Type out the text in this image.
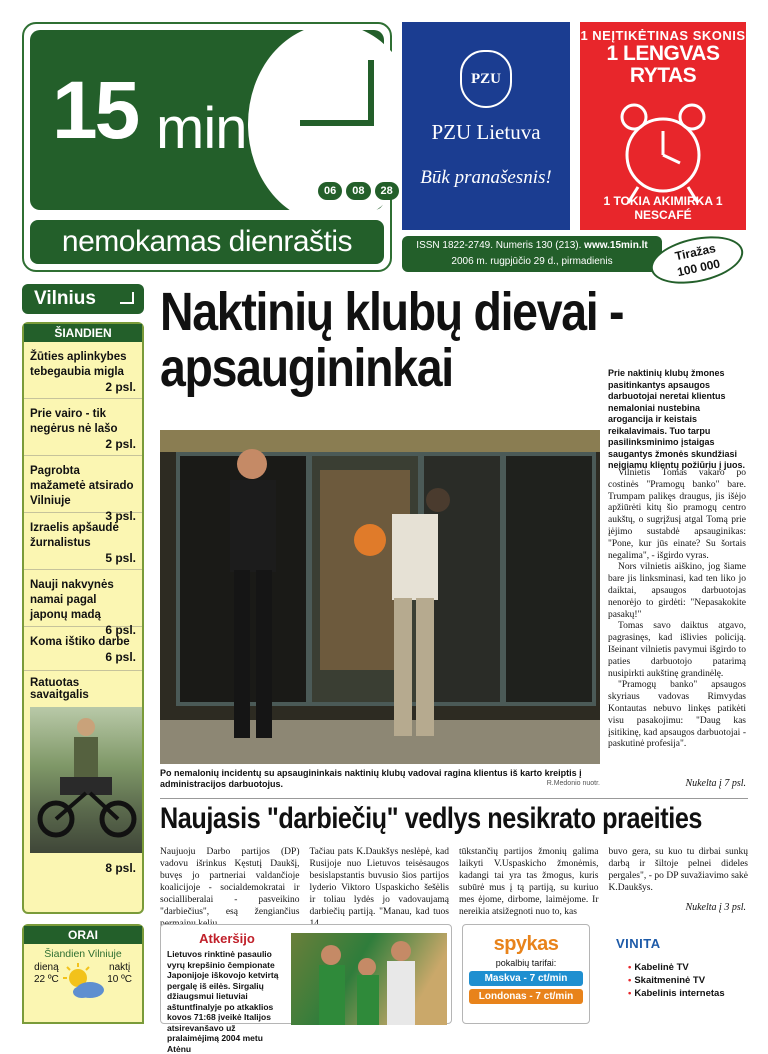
15 min
06	08	28
nemokamas dienraštis
PZU
PZU Lietuva
Būk pranašesnis!
1 NEĮTIKĖTINAS SKONIS
1 LENGVAS RYTAS
1 TOKIA AKIMIRKA 1 NESCAFÉ
ISSN 1822-2749. Numeris 130 (213). www.15min.lt
2006 m. rugpjūčio 29 d., pirmadienis	Tiražas
100 000
Vilnius
ŠIANDIEN
Žūties aplinkybes tebegaubia migla
2 psl.
Prie vairo - tik negėrus nė lašo
2 psl.
Pagrobta mažametė atsirado Vilniuje
3 psl.
Izraelis apšaudė žurnalistus
5 psl.
Nauji nakvynės namai pagal japonų madą
6 psl.
Koma ištiko darbe
6 psl.
Ratuotas savaitgalis
8 psl.
ORAI
Šiandien Vilniuje
dieną
22 ºC
naktį
10 ºC
Naktinių klubų dievai -
apsaugininkai	Prie naktinių klubų žmones pasitinkantys apsaugos darbuotojai neretai klientus nemaloniai nustebina arogancija ir keistais reikalavimais. Tuo tarpu pasilinksminimo įstaigas saugantys žmonės skundžiasi neigiamu klientų požiūriu į juos.

Vilnietis Tomas vakaro po costinės "Pramogų banko" bare. Trumpam palikęs draugus, jis išėjo apžiūrėti kitų šio pramogų centro aukštų, o sugrįžusį atgal Tomą prie įėjimo sustabdė apsauginikas: "Pone, kur jūs einate? Su šortais negalima", - išgirdo vyras.

Nors vilnietis aiškino, jog šiame bare jis linksminasi, kad ten liko jo daiktai, apsaugos darbuotojas nenorėjo to girdėti: "Nepasakokite pasakų!"

Tomas savo daiktus atgavo, pagrasinęs, kad išlivies policiją. Išeinant vilnietis pavymui išgirdo to paties darbuotojo patarimą nusipirkti aukštinę grandinėlę.

"Pramogų banko" apsaugos skyriaus vadovas Rimvydas Kontautas nebuvo linkęs patikėti visu pasakojimu: "Daug kas įsitikinę, kad apsaugos darbuotojai - paskutinė profesija".

Po nemalonių incidentų su apsaugininkais naktinių klubų vadovai ragina klientus iš karto kreiptis į administracijos darbuotojus.	R.Medonio nuotr.	Nukelta į 7 psl.
Naujasis "darbiečių" vedlys nesikrato praeities
Naujuoju Darbo partijos (DP) vadovu išrinkus Kęstutį Daukšį, buvęs jo partneriai valdančioje koalicijoje - socialdemokratai ir socialliberalai - pasveikino "darbiečius", esą žengiančius
Tačiau pats K.Daukšys neslėpė, kad Rusijoje nuo Lietuvos teisėsaugos besislapstantis buvusio šios partijos lyderio Viktoro Uspaskicho šešėlis ir toliau lydės jo vadovaujamą darbiečių partiją. "Manau, kad tuos
tūkstančių partijos žmonių galima laikyti V.Uspaskicho žmonėmis, kadangi tai yra tas žmogus, kuris subūrė mus į tą partiją, su kuriuo mes ėjome, dirbome, laimėjome. Ir nereikia atsižegnoti nuo to, kas
buvo gera, su kuo tu dirbai sunkų darbą ir šiltoje pelnei dideles pergales", - po DP suvažiavimo sakė K.Daukšys.
Nukelta į 3 psl.
Atkeršijo
Lietuvos rinktinė pasaulio vyrų krepšinio čempionate Japonijoje iškovojo ketvirtą pergalę iš eilės. Sirgalių džiaugsmui lietuviai aštuntfinalyje po atkaklios kovos 71:68 įveikė Italijos atsirevanšavo už pralaimėjimą 2004 metu Atėnu
spykas
pokalbių tarifai:
Maskva - 7 ct/min
Londonas - 7 ct/min
VINITA
• Kabelinė TV
• Skaitmeninė TV
• Kabelinis internetas
